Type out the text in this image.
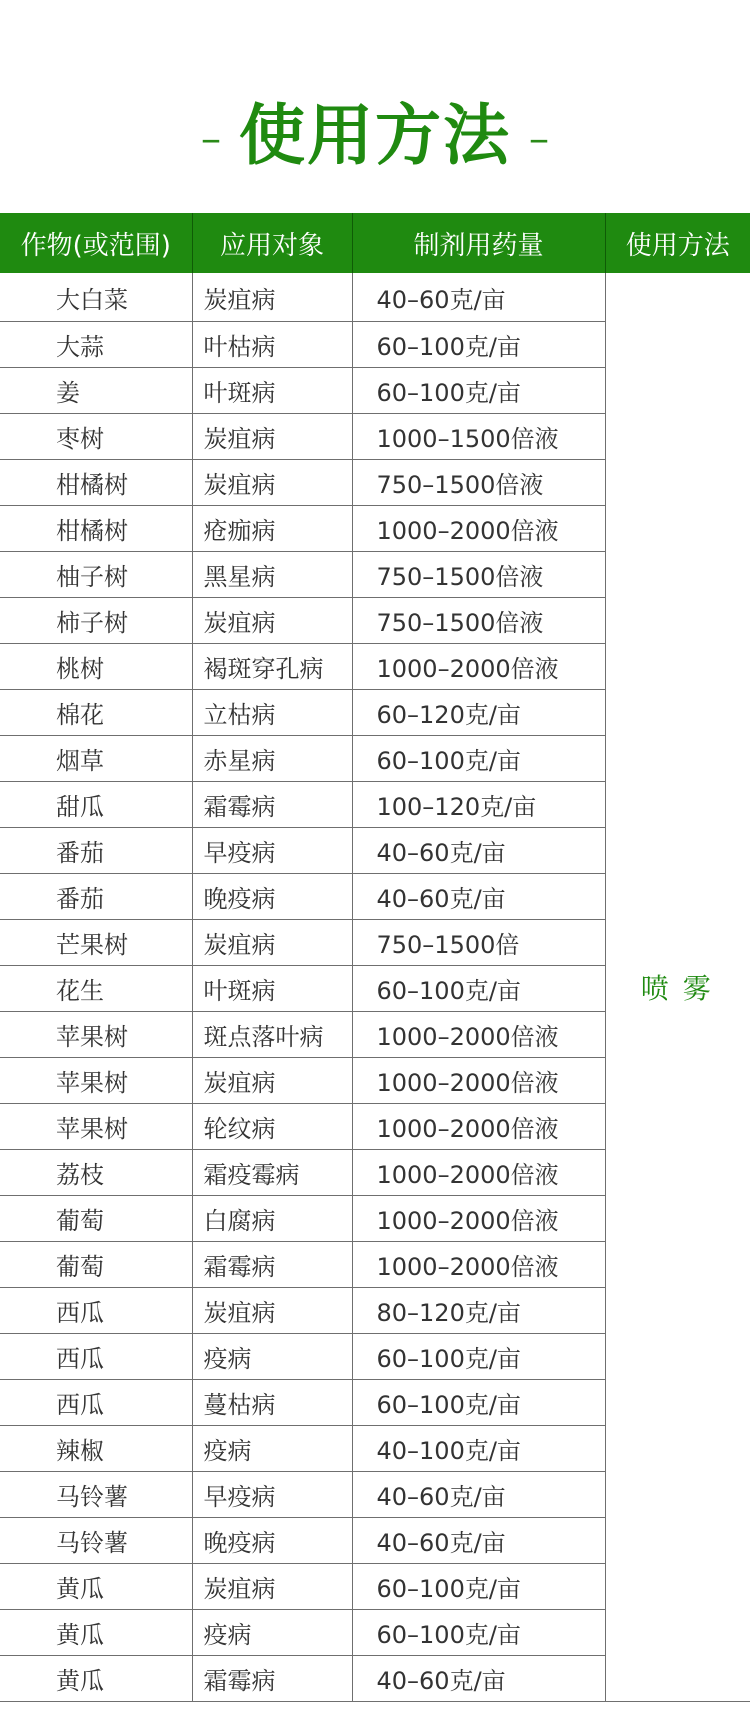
– 使用方法 –
作物(或范围)	应用对象	制剂用药量	使用方法
大白菜	炭疽病	40–60克/亩	喷雾
大蒜	叶枯病	60–100克/亩	
姜	叶斑病	60–100克/亩	
枣树	炭疽病	1000–1500倍液	
柑橘树	炭疽病	750–1500倍液	
柑橘树	疮痂病	1000–2000倍液	
柚子树	黑星病	750–1500倍液	
柿子树	炭疽病	750–1500倍液	
桃树	褐斑穿孔病	1000–2000倍液	
棉花	立枯病	60–120克/亩	
烟草	赤星病	60–100克/亩	
甜瓜	霜霉病	100–120克/亩	
番茄	早疫病	40–60克/亩	
番茄	晚疫病	40–60克/亩	
芒果树	炭疽病	750–1500倍	
花生	叶斑病	60–100克/亩	
苹果树	斑点落叶病	1000–2000倍液	
苹果树	炭疽病	1000–2000倍液	
苹果树	轮纹病	1000–2000倍液	
荔枝	霜疫霉病	1000–2000倍液	
葡萄	白腐病	1000–2000倍液	
葡萄	霜霉病	1000–2000倍液	
西瓜	炭疽病	80–120克/亩	
西瓜	疫病	60–100克/亩	
西瓜	蔓枯病	60–100克/亩	
辣椒	疫病	40–100克/亩	
马铃薯	早疫病	40–60克/亩	
马铃薯	晚疫病	40–60克/亩	
黄瓜	炭疽病	60–100克/亩	
黄瓜	疫病	60–100克/亩	
黄瓜	霜霉病	40–60克/亩	
